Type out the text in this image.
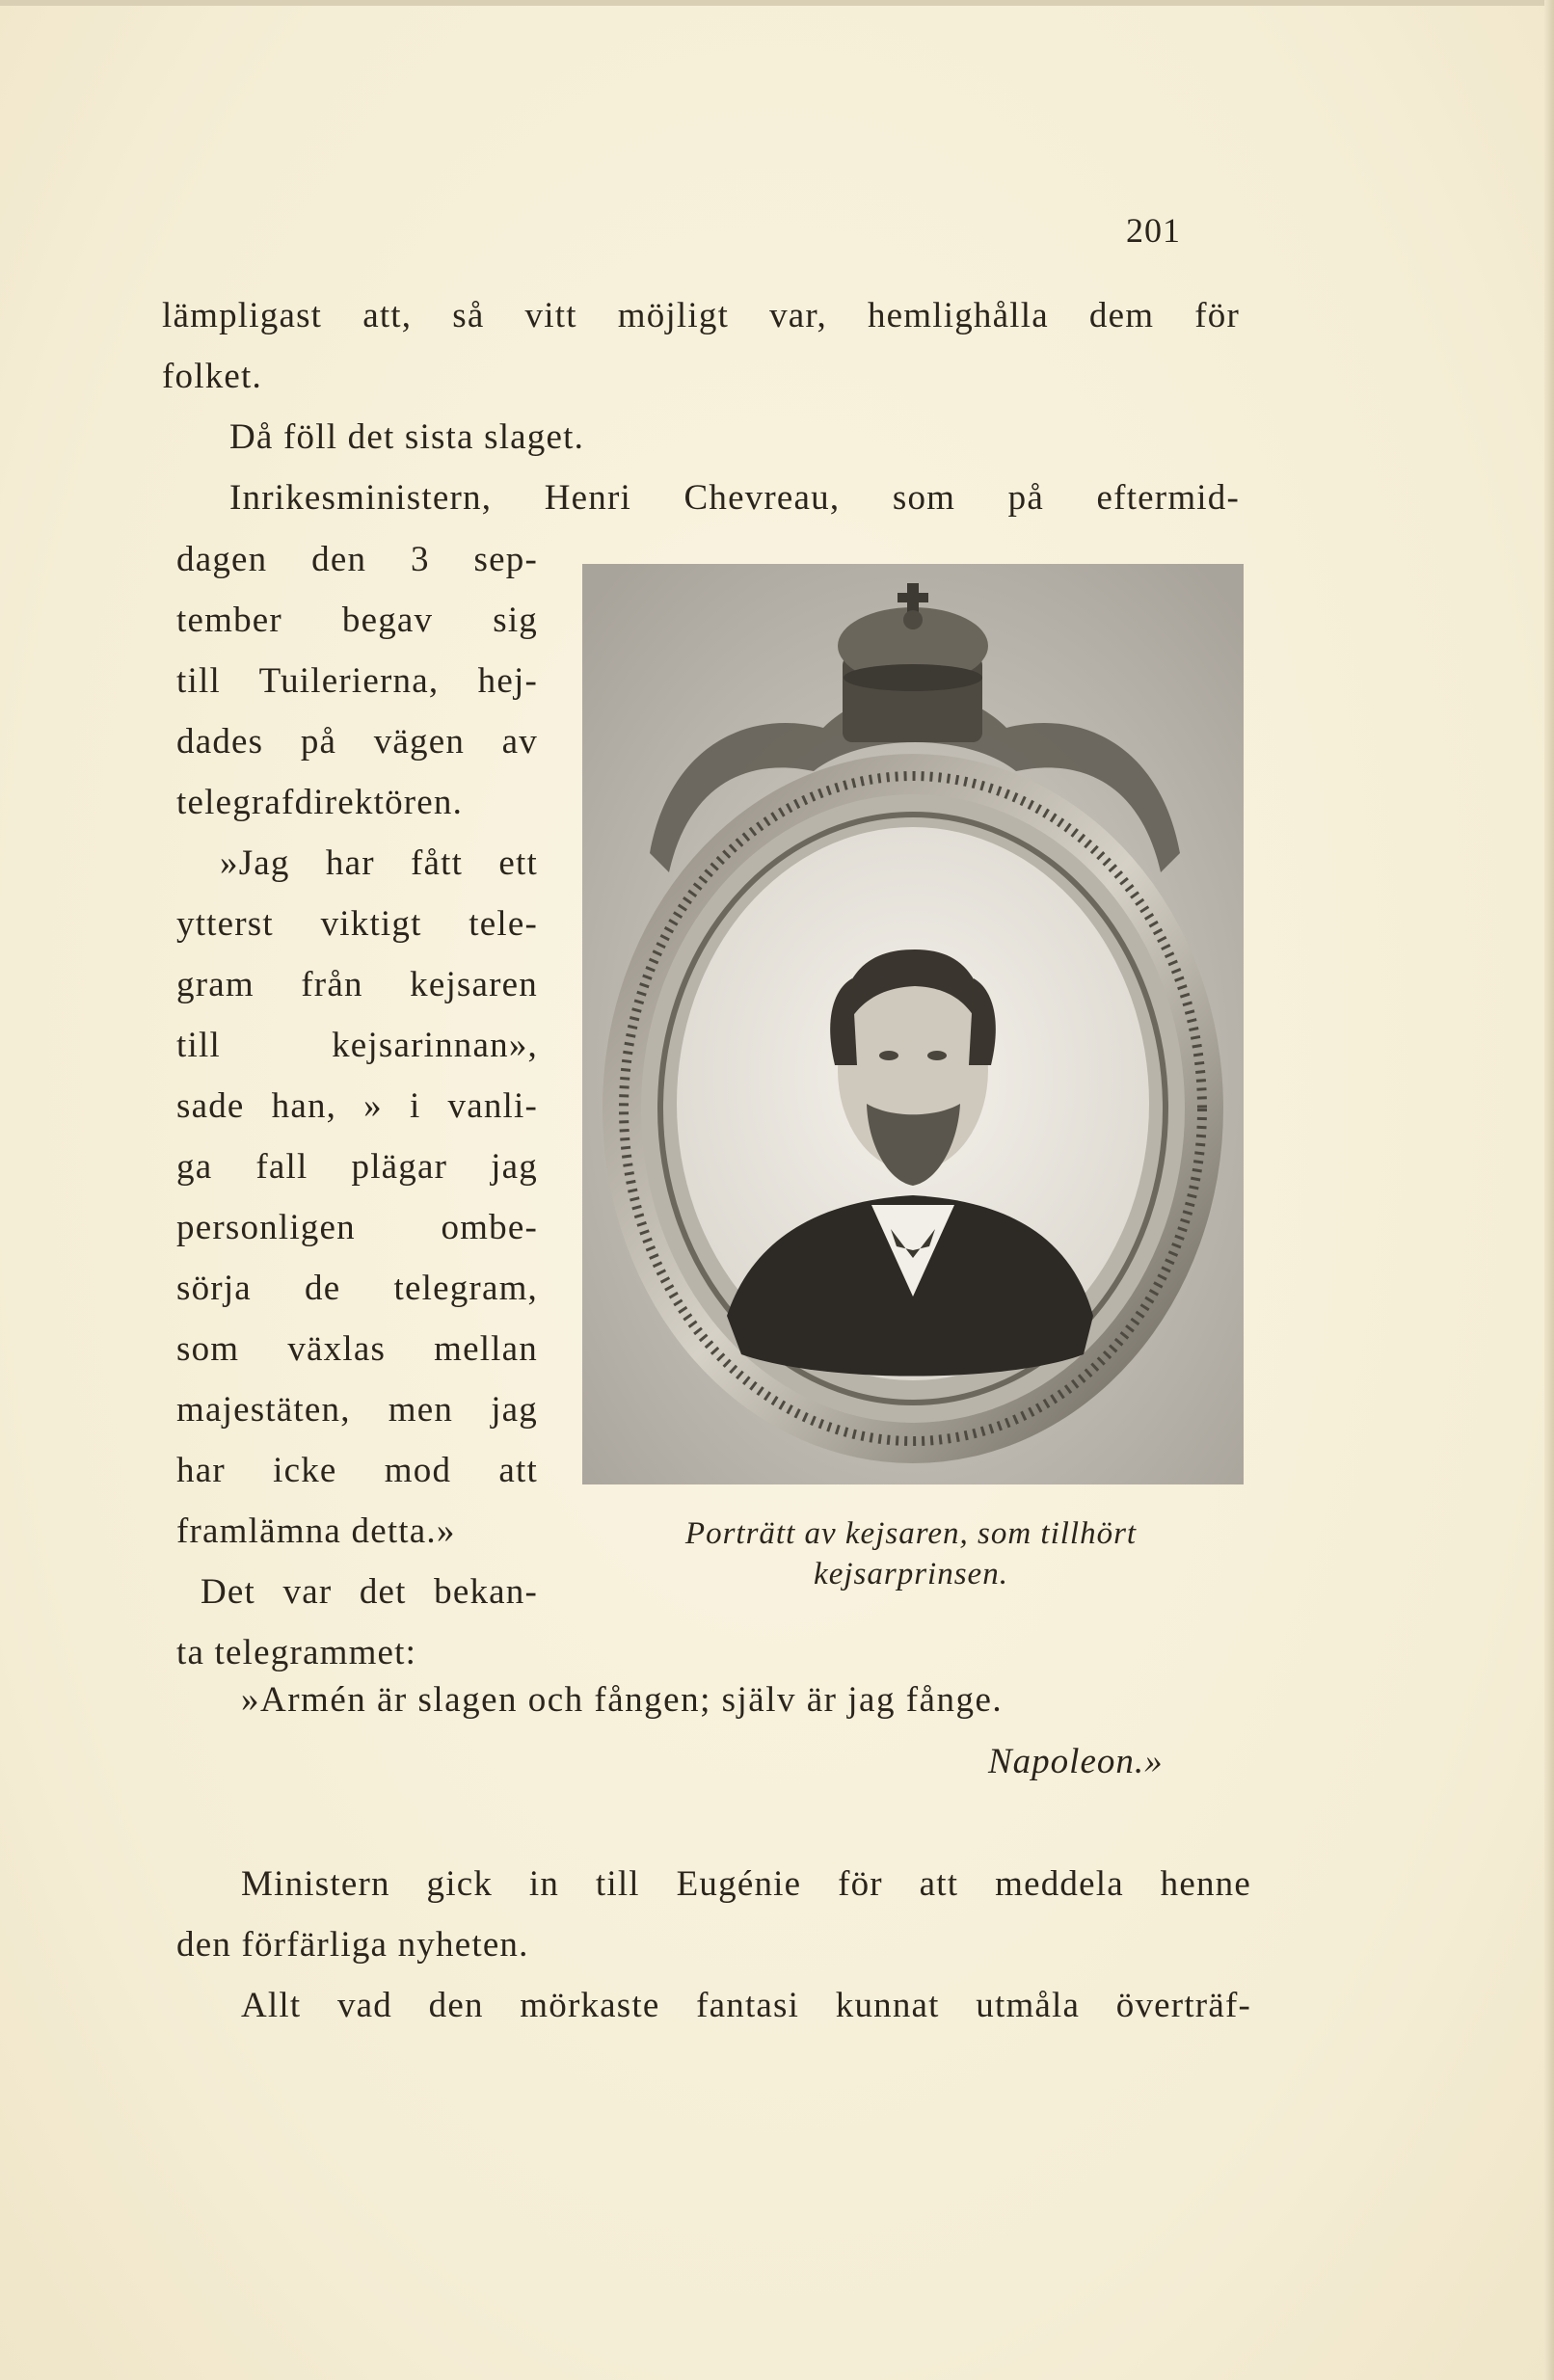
201
lämpligast att, så vitt möjligt var, hemlighålla dem för
folket.
Då föll det sista slaget.
Inrikesministern, Henri Chevreau, som på eftermid-
dagen den 3 sep-
tember begav sig
till Tuilerierna, hej-
dades på vägen av
telegrafdirektören.
»Jag har fått ett
ytterst viktigt tele-
gram från kejsaren
till kejsarinnan»,
sade han, » i vanli-
ga fall plägar jag
personligen ombe-
sörja de telegram,
som växlas mellan
majestäten, men jag
har icke mod att
framlämna detta.»
Det var det bekan-
ta telegrammet:
Porträtt av kejsaren, som tillhört
kejsarprinsen.
»Armén är slagen och fången; själv är jag fånge.
Napoleon.»
Ministern gick in till Eugénie för att meddela henne
den förfärliga nyheten.
Allt vad den mörkaste fantasi kunnat utmåla överträf-
